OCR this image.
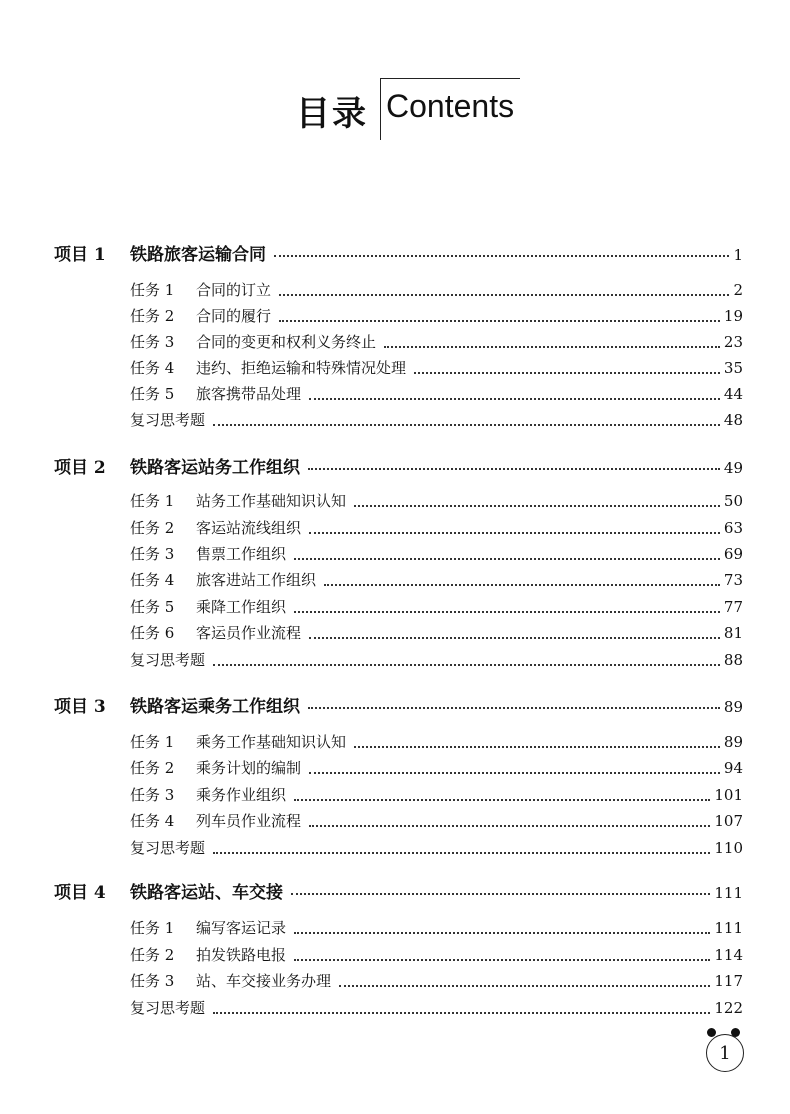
目录 Contents
项目 1	铁路旅客运输合同	1
任务 1	合同的订立	2
任务 2	合同的履行	19
任务 3	合同的变更和权利义务终止	23
任务 4	违约、拒绝运输和特殊情况处理	35
任务 5	旅客携带品处理	44
复习思考题	48
项目 2	铁路客运站务工作组织	49
任务 1	站务工作基础知识认知	50
任务 2	客运站流线组织	63
任务 3	售票工作组织	69
任务 4	旅客进站工作组织	73
任务 5	乘降工作组织	77
任务 6	客运员作业流程	81
复习思考题	88
项目 3	铁路客运乘务工作组织	89
任务 1	乘务工作基础知识认知	89
任务 2	乘务计划的编制	94
任务 3	乘务作业组织	101
任务 4	列车员作业流程	107
复习思考题	110
项目 4	铁路客运站、车交接	111
任务 1	编写客运记录	111
任务 2	拍发铁路电报	114
任务 3	站、车交接业务办理	117
复习思考题	122
1
